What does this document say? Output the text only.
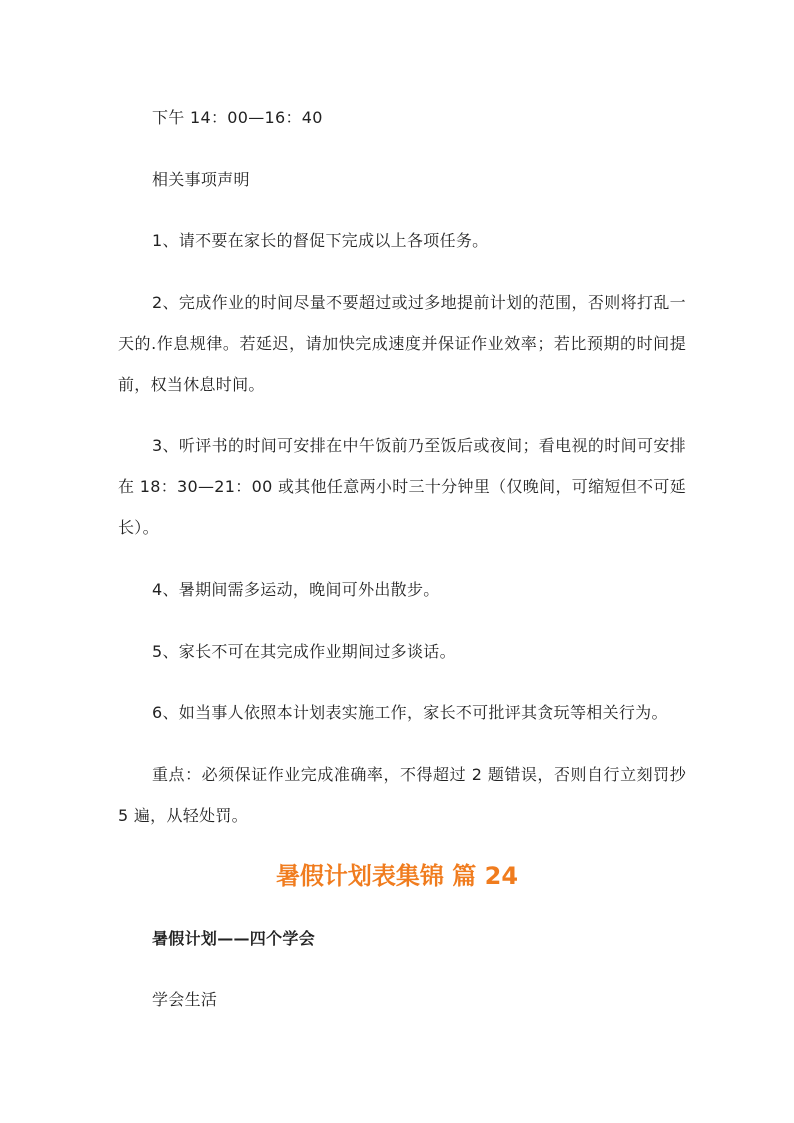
下午 14：00—16：40

相关事项声明

1、请不要在家长的督促下完成以上各项任务。

2、完成作业的时间尽量不要超过或过多地提前计划的范围，否则将打乱一天的.作息规律。若延迟，请加快完成速度并保证作业效率；若比预期的时间提前，权当休息时间。

3、听评书的时间可安排在中午饭前乃至饭后或夜间；看电视的时间可安排在 18：30—21：00 或其他任意两小时三十分钟里（仅晚间，可缩短但不可延长）。

4、暑期间需多运动，晚间可外出散步。

5、家长不可在其完成作业期间过多谈话。

6、如当事人依照本计划表实施工作，家长不可批评其贪玩等相关行为。

重点：必须保证作业完成准确率，不得超过 2 题错误，否则自行立刻罚抄 5 遍，从轻处罚。

暑假计划表集锦 篇 24

暑假计划——四个学会

学会生活
